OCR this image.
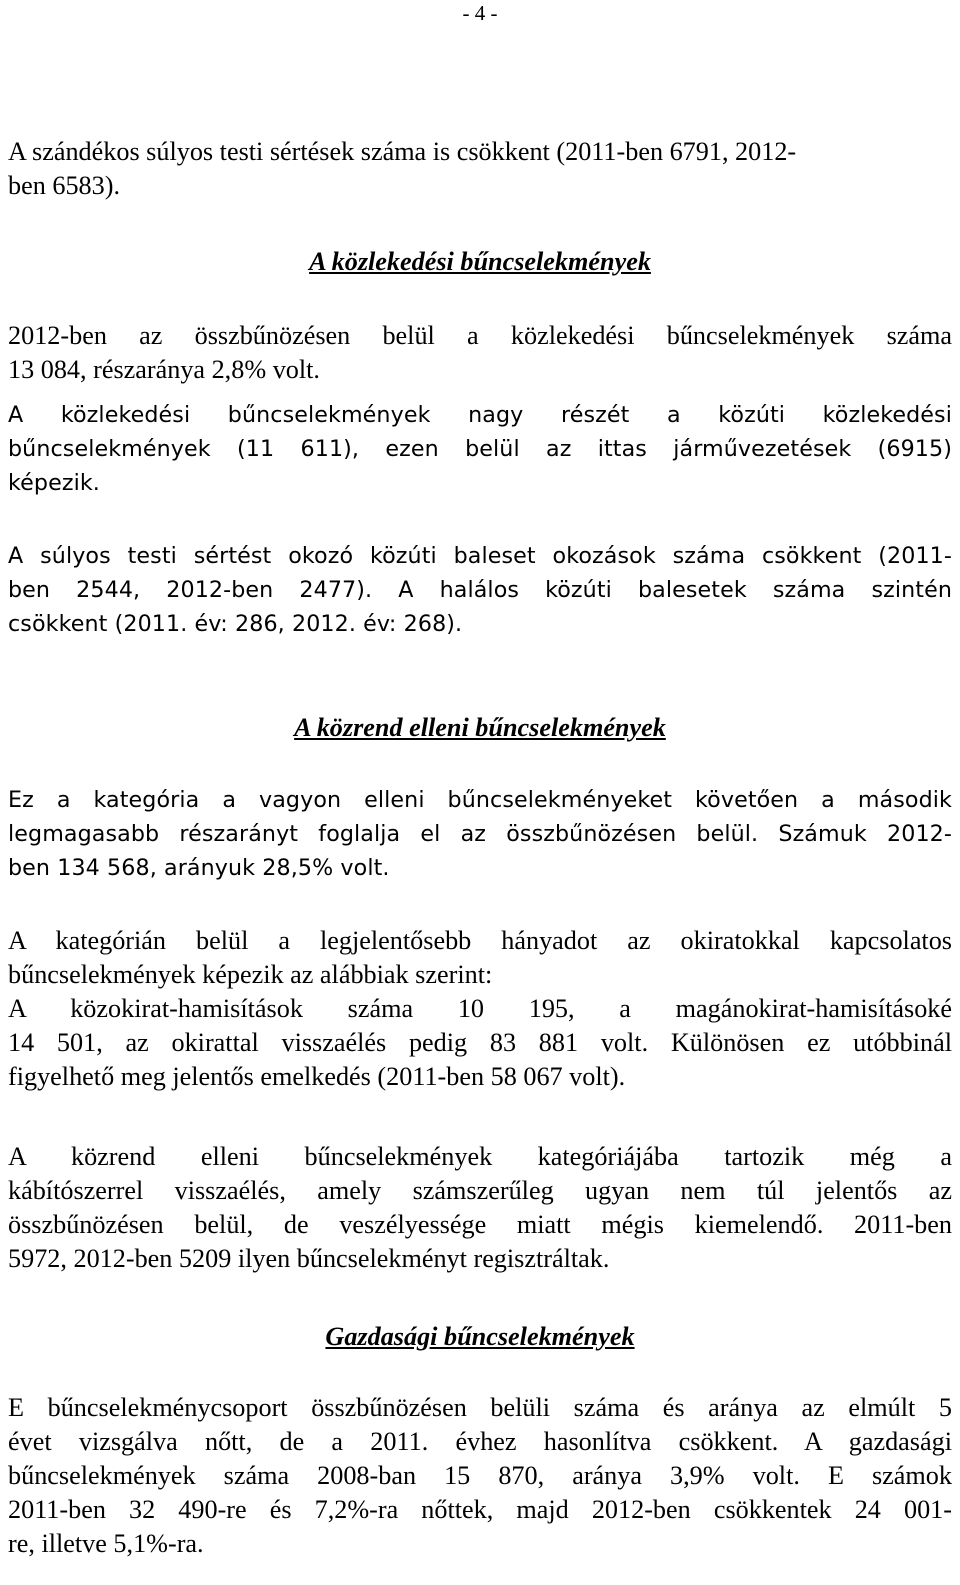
- 4 -

A szándékos súlyos testi sértések száma is csökkent (2011-ben 6791, 2012-
ben 6583).

A közlekedési bűncselekmények

2012-ben az összbűnözésen belül a közlekedési bűncselekmények száma
13 084, részaránya 2,8% volt.

A közlekedési bűncselekmények nagy részét a közúti közlekedési
bűncselekmények (11 611), ezen belül az ittas járművezetések (6915)
képezik.

A súlyos testi sértést okozó közúti baleset okozások száma csökkent (2011-
ben 2544, 2012-ben 2477). A halálos közúti balesetek száma szintén
csökkent (2011. év: 286, 2012. év: 268).

A közrend elleni bűncselekmények

Ez a kategória a vagyon elleni bűncselekményeket követően a második
legmagasabb részarányt foglalja el az összbűnözésen belül. Számuk 2012-
ben 134 568, arányuk 28,5% volt.

A kategórián belül a legjelentősebb hányadot az okiratokkal kapcsolatos
bűncselekmények képezik az alábbiak szerint:
A közokirat-hamisítások száma 10 195, a magánokirat-hamisításoké
14 501, az okirattal visszaélés pedig 83 881 volt. Különösen ez utóbbinál
figyelhető meg jelentős emelkedés (2011-ben 58 067 volt).

A közrend elleni bűncselekmények kategóriájába tartozik még a
kábítószerrel visszaélés, amely számszerűleg ugyan nem túl jelentős az
összbűnözésen belül, de veszélyessége miatt mégis kiemelendő. 2011-ben
5972, 2012-ben 5209 ilyen bűncselekményt regisztráltak.

Gazdasági bűncselekmények

E bűncselekménycsoport összbűnözésen belüli száma és aránya az elmúlt 5
évet vizsgálva nőtt, de a 2011. évhez hasonlítva csökkent. A gazdasági
bűncselekmények száma 2008-ban 15 870, aránya 3,9% volt. E számok
2011-ben 32 490-re és 7,2%-ra nőttek, majd 2012-ben csökkentek 24 001-
re, illetve 5,1%-ra.
